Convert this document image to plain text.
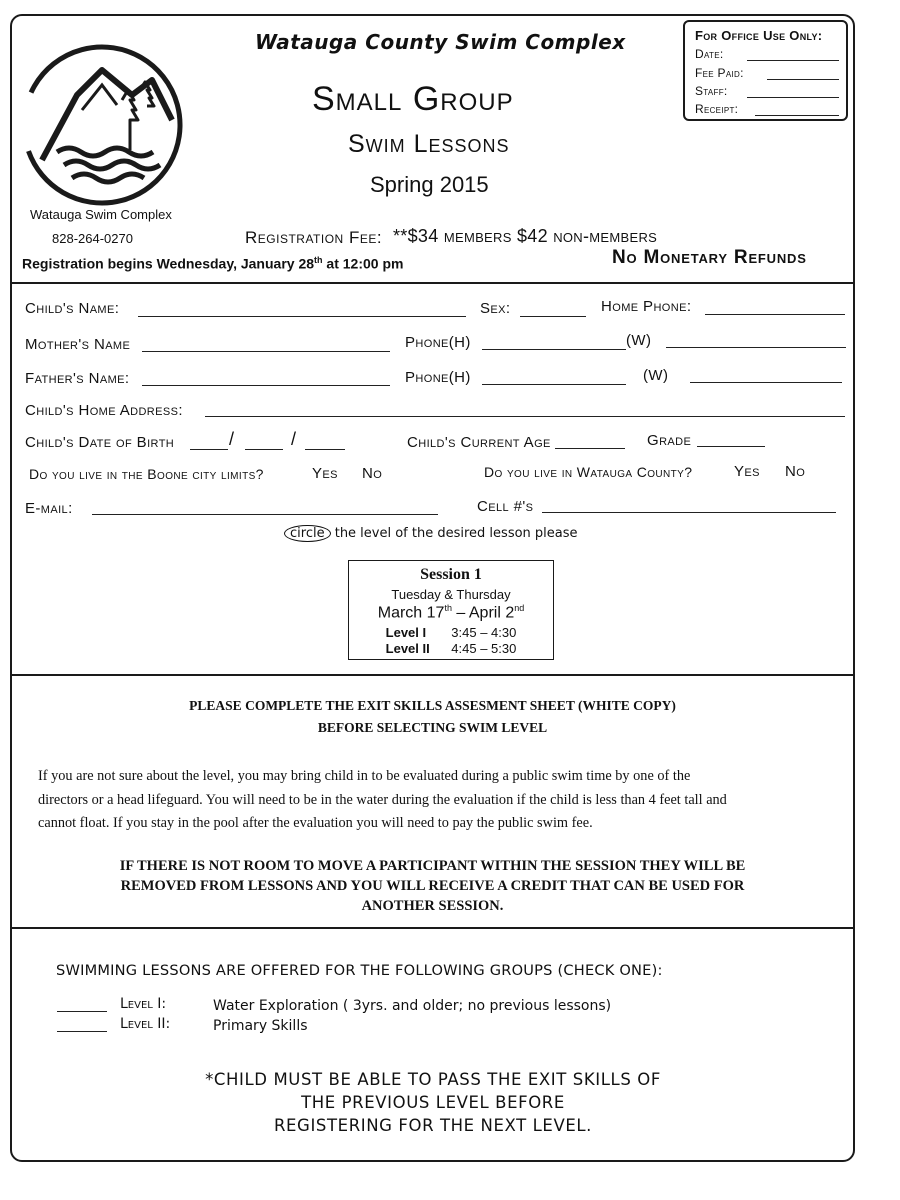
Watauga County Swim Complex
Small Group
Swim Lessons
Spring 2015
Watauga Swim Complex
828-264-0270	Registration Fee: **$34 members $42 non-members
Registration begins Wednesday, January 28th at 12:00 pm	No Monetary Refunds
For Office Use Only:
Date:
Fee Paid:
Staff:
Receipt:
Child's Name:	Sex:	Home Phone:
Mother's Name	Phone(H)	(W)
Father's Name:	Phone(H)	(W)
Child's Home Address:
Child's Date of Birth	/	/	Child's Current Age	Grade
Do you live in the Boone city limits?	Yes No	Do you live in Watauga County?	Yes No
E-mail:	Cell #'s
circle the level of the desired lesson please
Session 1
Tuesday & Thursday
March 17th – April 2nd
Level I 3:45 – 4:30
Level II 4:45 – 5:30
PLEASE COMPLETE THE EXIT SKILLS ASSESMENT SHEET (WHITE COPY)
BEFORE SELECTING SWIM LEVEL
If you are not sure about the level, you may bring child in to be evaluated during a public swim time by one of the
directors or a head lifeguard. You will need to be in the water during the evaluation if the child is less than 4 feet tall and
cannot float. If you stay in the pool after the evaluation you will need to pay the public swim fee.
IF THERE IS NOT ROOM TO MOVE A PARTICIPANT WITHIN THE SESSION THEY WILL BE
REMOVED FROM LESSONS AND YOU WILL RECEIVE A CREDIT THAT CAN BE USED FOR
ANOTHER SESSION.
SWIMMING LESSONS ARE OFFERED FOR THE FOLLOWING GROUPS (CHECK ONE):
Level I:	Water Exploration ( 3yrs. and older; no previous lessons)
Level II:	Primary Skills
*CHILD MUST BE ABLE TO PASS THE EXIT SKILLS OF
THE PREVIOUS LEVEL BEFORE
REGISTERING FOR THE NEXT LEVEL.
